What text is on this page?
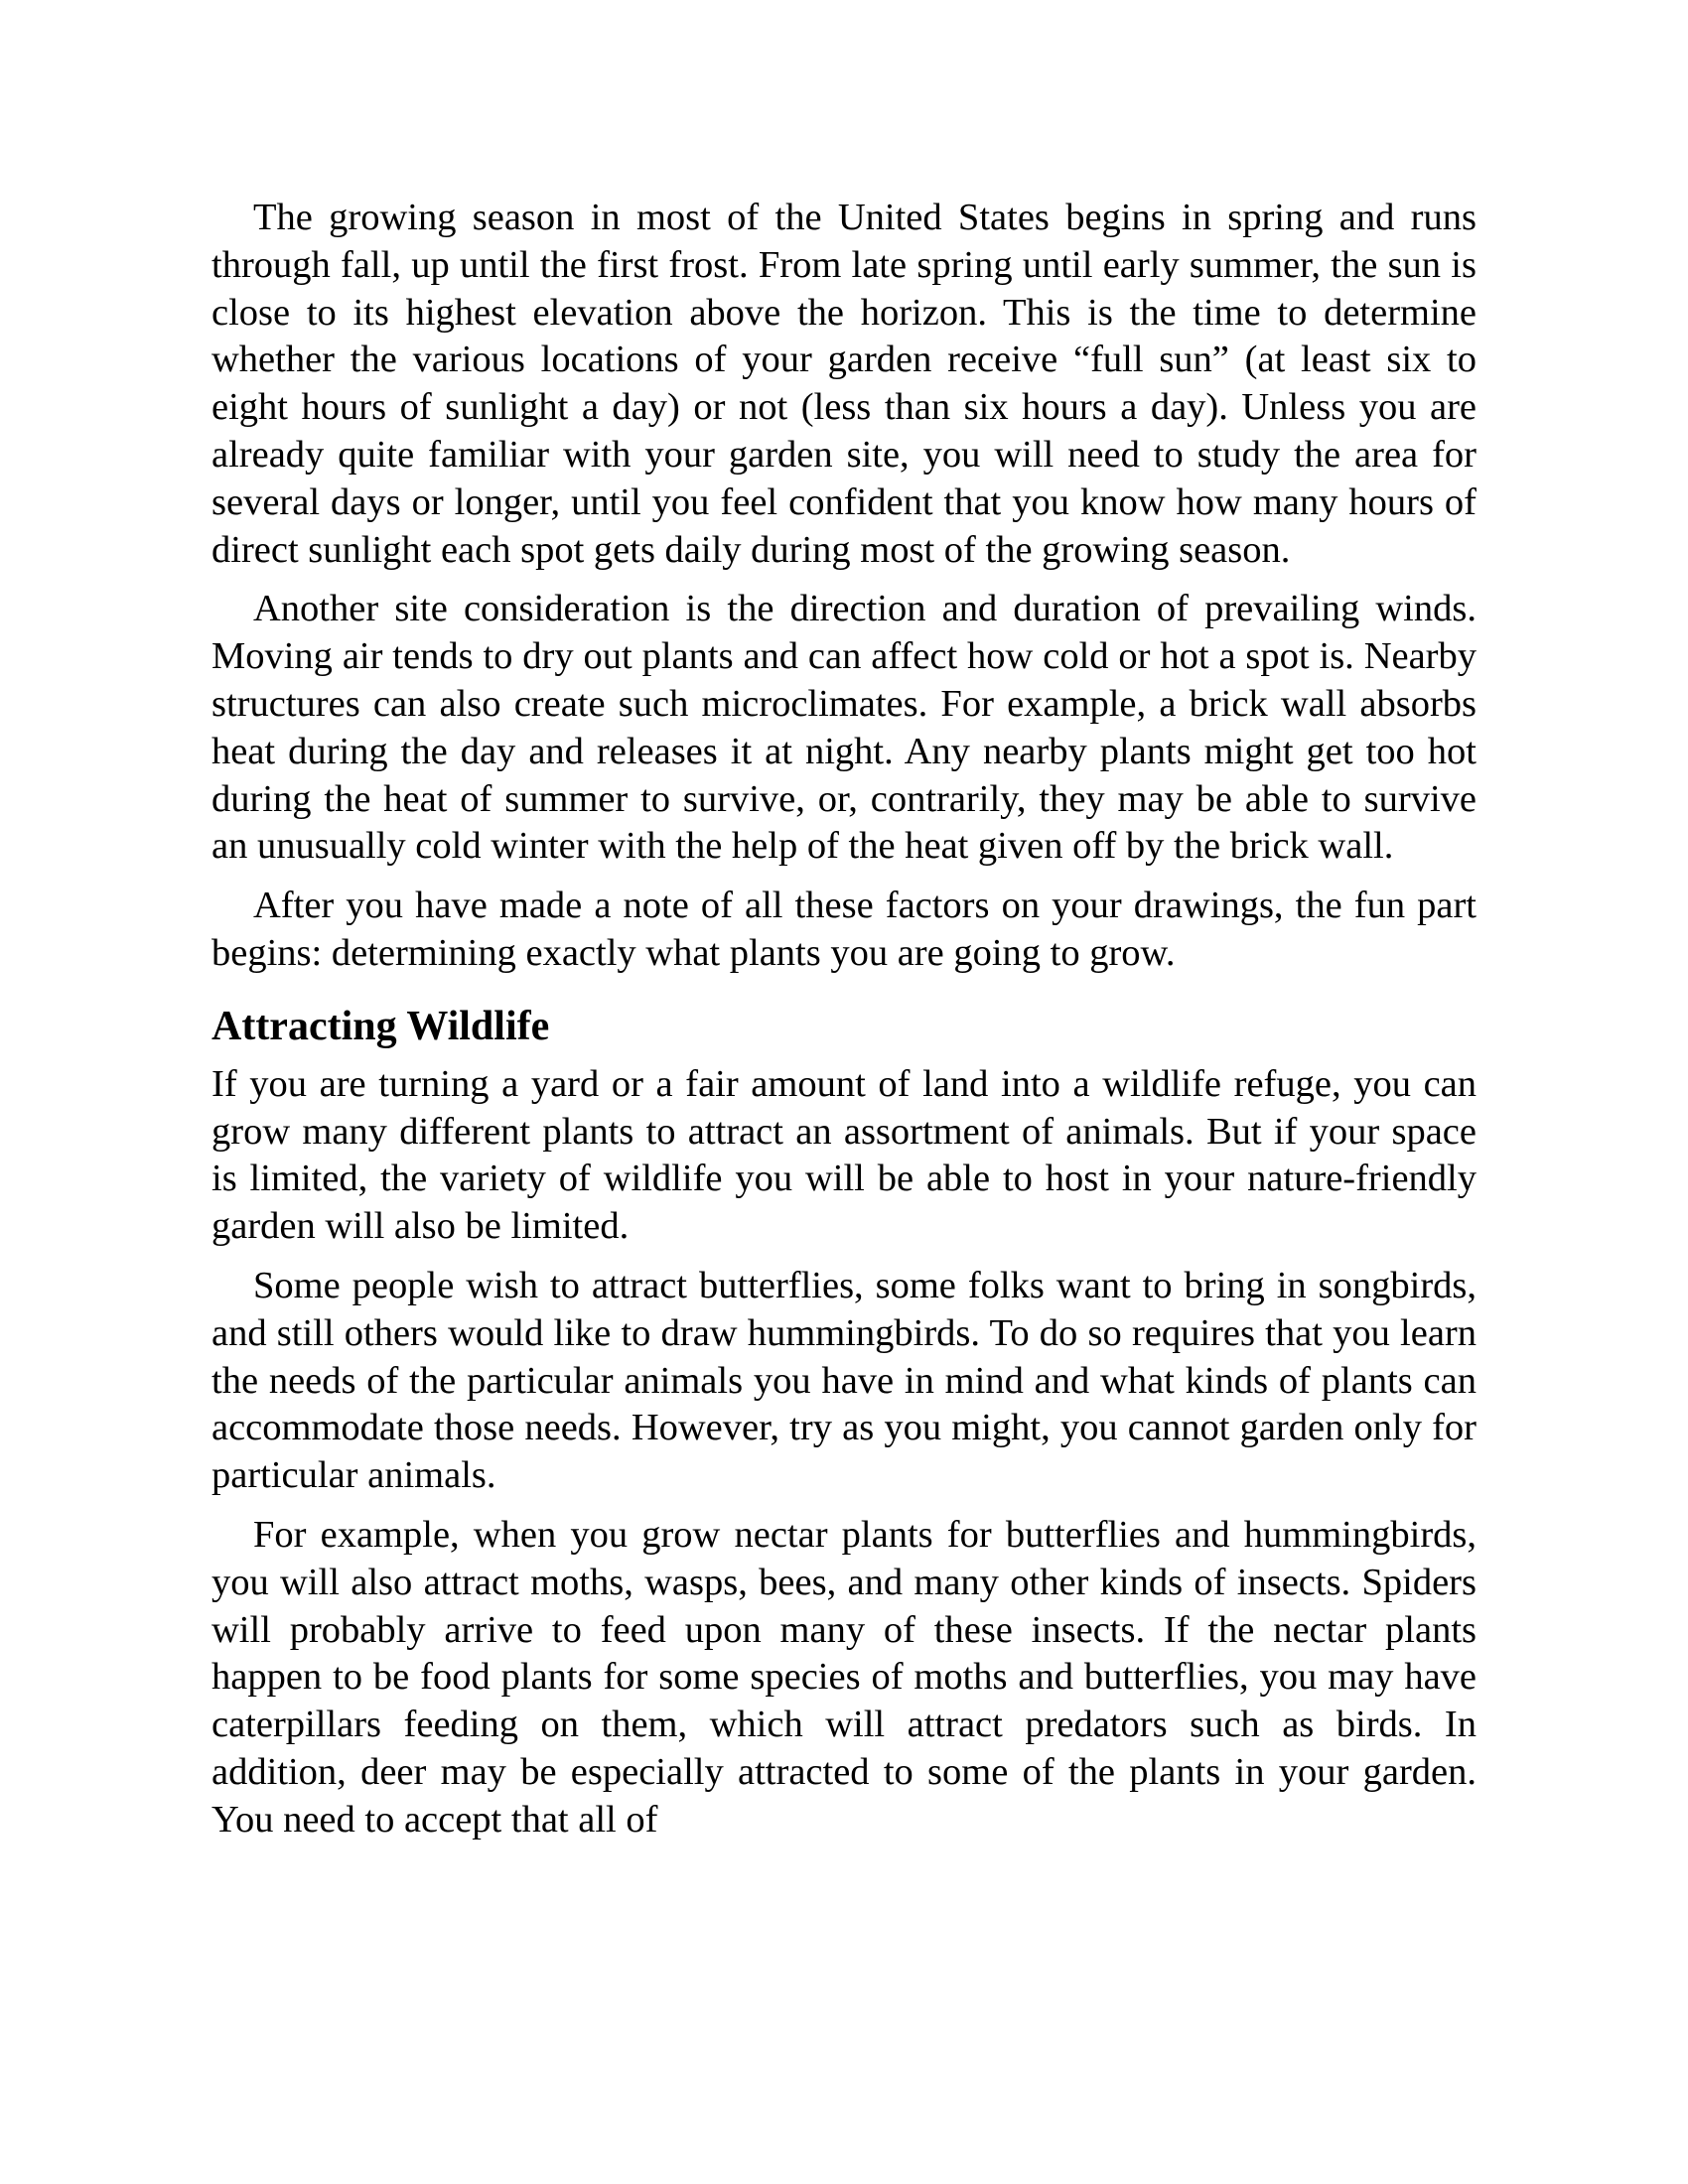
The growing season in most of the United States begins in spring and runs through fall, up until the first frost. From late spring until early summer, the sun is close to its highest elevation above the horizon. This is the time to determine whether the various locations of your garden receive “full sun” (at least six to eight hours of sunlight a day) or not (less than six hours a day). Unless you are already quite familiar with your garden site, you will need to study the area for several days or longer, until you feel confident that you know how many hours of direct sunlight each spot gets daily during most of the growing season.

Another site consideration is the direction and duration of prevailing winds. Moving air tends to dry out plants and can affect how cold or hot a spot is. Nearby structures can also create such microclimates. For example, a brick wall absorbs heat during the day and releases it at night. Any nearby plants might get too hot during the heat of summer to survive, or, contrarily, they may be able to survive an unusually cold winter with the help of the heat given off by the brick wall.

After you have made a note of all these factors on your drawings, the fun part begins: determining exactly what plants you are going to grow.

Attracting Wildlife

If you are turning a yard or a fair amount of land into a wildlife refuge, you can grow many different plants to attract an assortment of animals. But if your space is limited, the variety of wildlife you will be able to host in your nature-friendly garden will also be limited.

Some people wish to attract butterflies, some folks want to bring in songbirds, and still others would like to draw hummingbirds. To do so requires that you learn the needs of the particular animals you have in mind and what kinds of plants can accommodate those needs. However, try as you might, you cannot garden only for particular animals.

For example, when you grow nectar plants for butterflies and hummingbirds, you will also attract moths, wasps, bees, and many other kinds of insects. Spiders will probably arrive to feed upon many of these insects. If the nectar plants happen to be food plants for some species of moths and butterflies, you may have caterpillars feeding on them, which will attract predators such as birds. In addition, deer may be especially attracted to some of the plants in your garden. You need to accept that all of
